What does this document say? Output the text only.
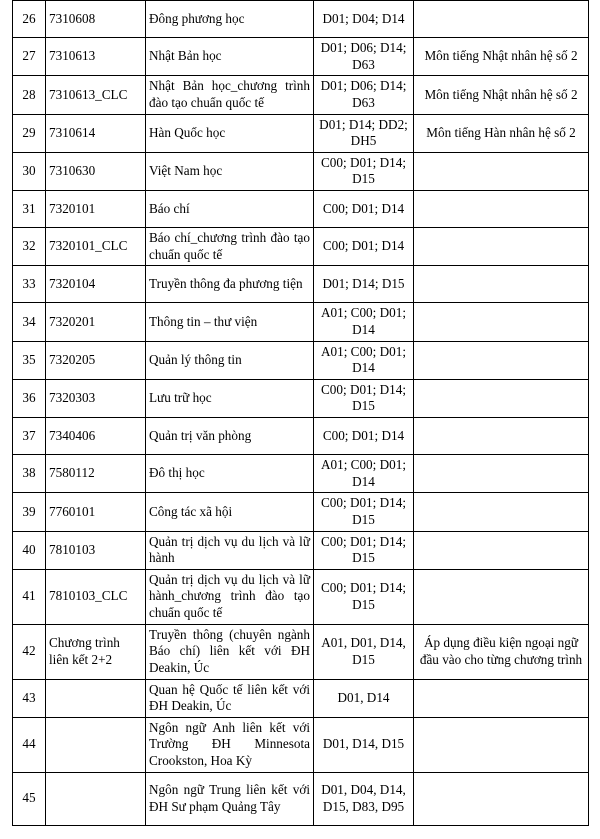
26	7310608	Đông phương học	D01; D04; D14	
27	7310613	Nhật Bản học	D01; D06; D14; D63	Môn tiếng Nhật nhân hệ số 2
28	7310613_CLC	Nhật Bản học_chương trình đào tạo chuẩn quốc tế	D01; D06; D14; D63	Môn tiếng Nhật nhân hệ số 2
29	7310614	Hàn Quốc học	D01; D14; DD2; DH5	Môn tiếng Hàn nhân hệ số 2
30	7310630	Việt Nam học	C00; D01; D14; D15	
31	7320101	Báo chí	C00; D01; D14	
32	7320101_CLC	Báo chí_chương trình đào tạo chuẩn quốc tế	C00; D01; D14	
33	7320104	Truyền thông đa phương tiện	D01; D14; D15	
34	7320201	Thông tin – thư viện	A01; C00; D01; D14	
35	7320205	Quản lý thông tin	A01; C00; D01; D14	
36	7320303	Lưu trữ học	C00; D01; D14; D15	
37	7340406	Quản trị văn phòng	C00; D01; D14	
38	7580112	Đô thị học	A01; C00; D01; D14	
39	7760101	Công tác xã hội	C00; D01; D14; D15	
40	7810103	Quản trị dịch vụ du lịch và lữ hành	C00; D01; D14; D15	
41	7810103_CLC	Quản trị dịch vụ du lịch và lữ hành_chương trình đào tạo chuẩn quốc tế	C00; D01; D14; D15	
42	Chương trình liên kết 2+2	Truyền thông (chuyên ngành Báo chí) liên kết với ĐH Deakin, Úc	A01, D01, D14, D15	Áp dụng điều kiện ngoại ngữ đầu vào cho từng chương trình
43		Quan hệ Quốc tế liên kết với ĐH Deakin, Úc	D01, D14	
44		Ngôn ngữ Anh liên kết với Trường ĐH Minnesota Crookston, Hoa Kỳ	D01, D14, D15	
45		Ngôn ngữ Trung liên kết với ĐH Sư phạm Quảng Tây	D01, D04, D14, D15, D83, D95	
